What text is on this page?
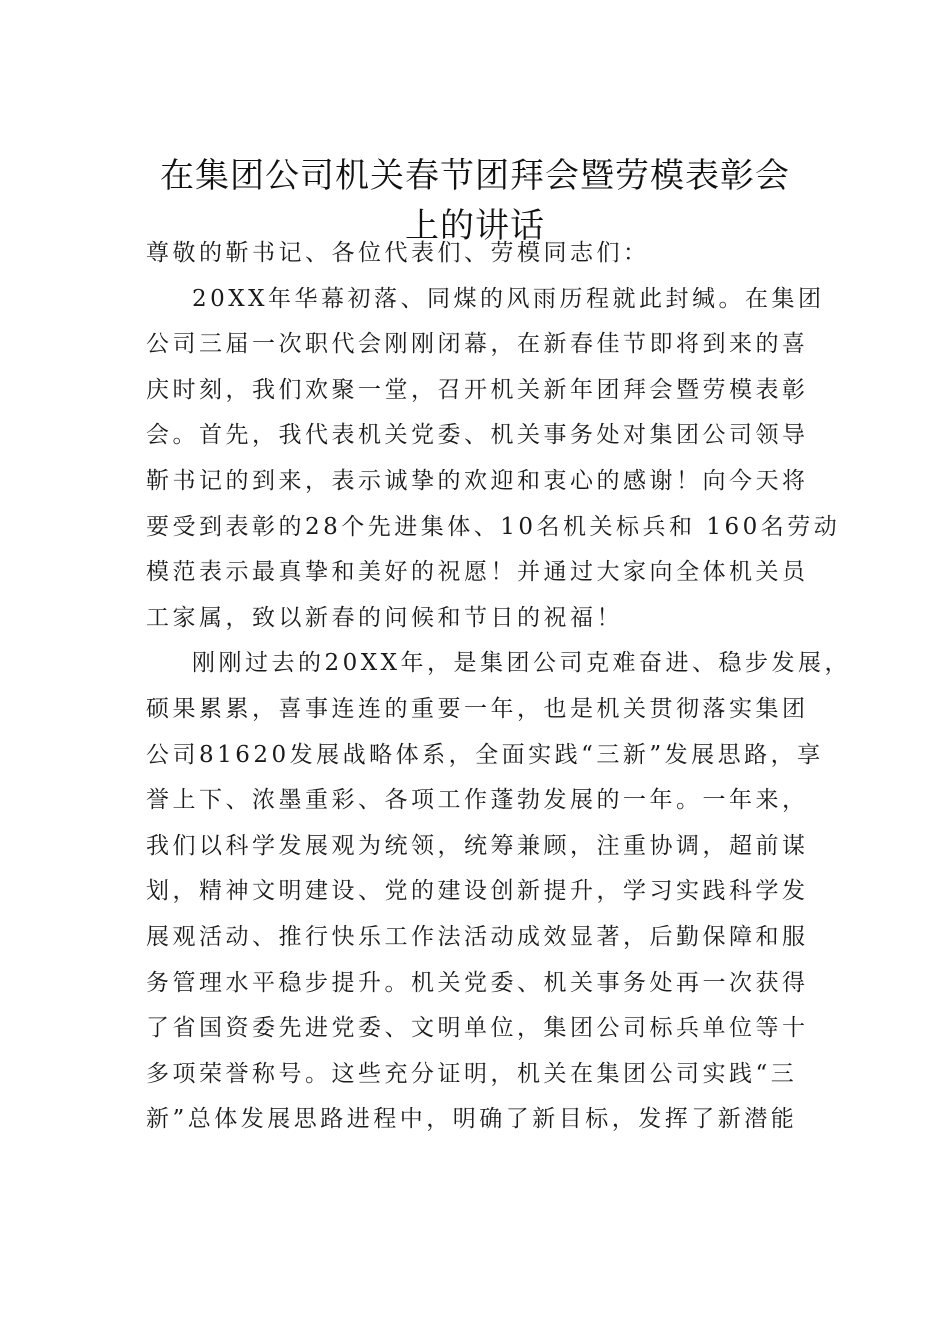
在集团公司机关春节团拜会暨劳模表彰会
上的讲话
尊敬的靳书记、各位代表们、劳模同志们：
20XX年华幕初落、同煤的风雨历程就此封缄。在集团
公司三届一次职代会刚刚闭幕，在新春佳节即将到来的喜
庆时刻，我们欢聚一堂，召开机关新年团拜会暨劳模表彰
会。首先，我代表机关党委、机关事务处对集团公司领导
靳书记的到来，表示诚挚的欢迎和衷心的感谢！向今天将
要受到表彰的28个先进集体、10名机关标兵和 160名劳动
模范表示最真挚和美好的祝愿！并通过大家向全体机关员
工家属，致以新春的问候和节日的祝福！
刚刚过去的20XX年，是集团公司克难奋进、稳步发展，
硕果累累，喜事连连的重要一年，也是机关贯彻落实集团
公司81620发展战略体系，全面实践“三新”发展思路，享
誉上下、浓墨重彩、各项工作蓬勃发展的一年。一年来，
我们以科学发展观为统领，统筹兼顾，注重协调，超前谋
划，精神文明建设、党的建设创新提升，学习实践科学发
展观活动、推行快乐工作法活动成效显著，后勤保障和服
务管理水平稳步提升。机关党委、机关事务处再一次获得
了省国资委先进党委、文明单位，集团公司标兵单位等十
多项荣誉称号。这些充分证明，机关在集团公司实践“三
新”总体发展思路进程中，明确了新目标，发挥了新潜能
